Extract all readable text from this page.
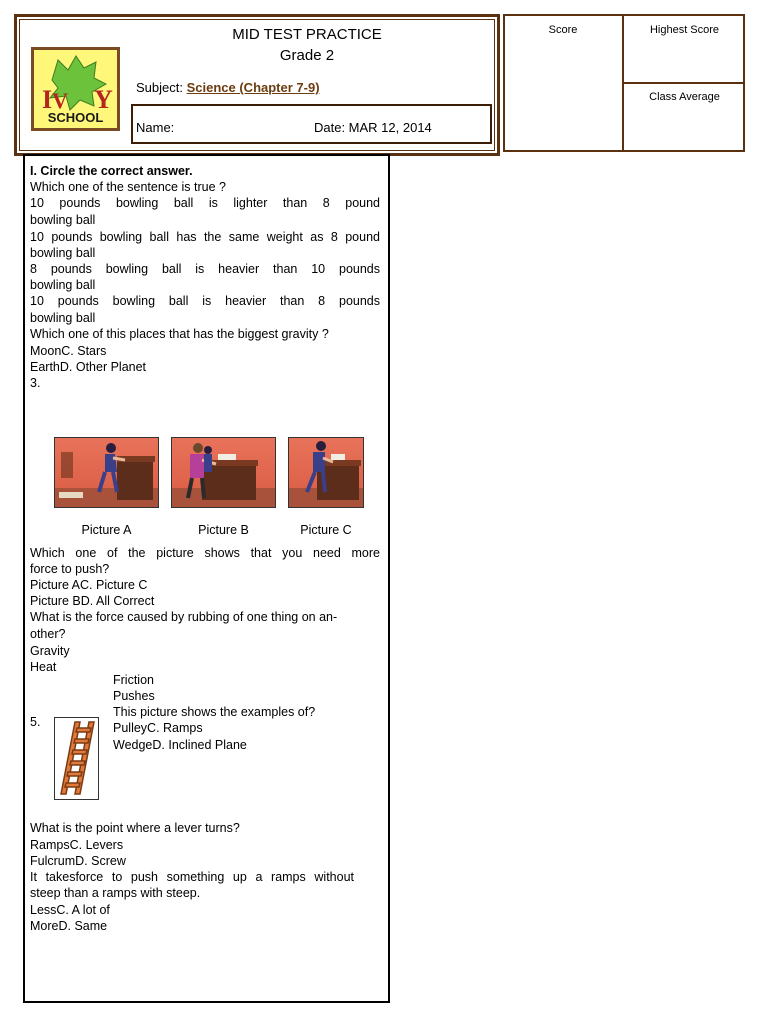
MID TEST PRACTICE
Grade 2
I V Y
SCHOOL
Subject: Science (Chapter 7-9)
Name:	Date: MAR 12, 2014
Score	Highest Score
Class Average
I. Circle the correct answer.
Which one of the sentence is true ?
10 pounds bowling ball is lighter than 8 pound
bowling ball
10 pounds bowling ball has the same weight as 8 pound
bowling ball
8 pounds bowling ball is heavier than 10 pounds
bowling ball
10 pounds bowling ball is heavier than 8 pounds
bowling ball
Which one of this places that has the biggest gravity ?
MoonC. Stars
EarthD. Other Planet
3.
Picture A	Picture B	Picture C
Which one of the picture shows that you need more
force to push?
Picture AC. Picture C
Picture BD. All Correct
What is the force caused by rubbing of one thing on an-
other?
Gravity
Heat
Friction
Pushes
5.
This picture shows the examples of?
PulleyC. Ramps
WedgeD. Inclined Plane
What is the point where a lever turns?
RampsC. Levers
FulcrumD. Screw
It takesforce to push something up a ramps without
steep than a ramps with steep.
LessC. A lot of
MoreD. Same
